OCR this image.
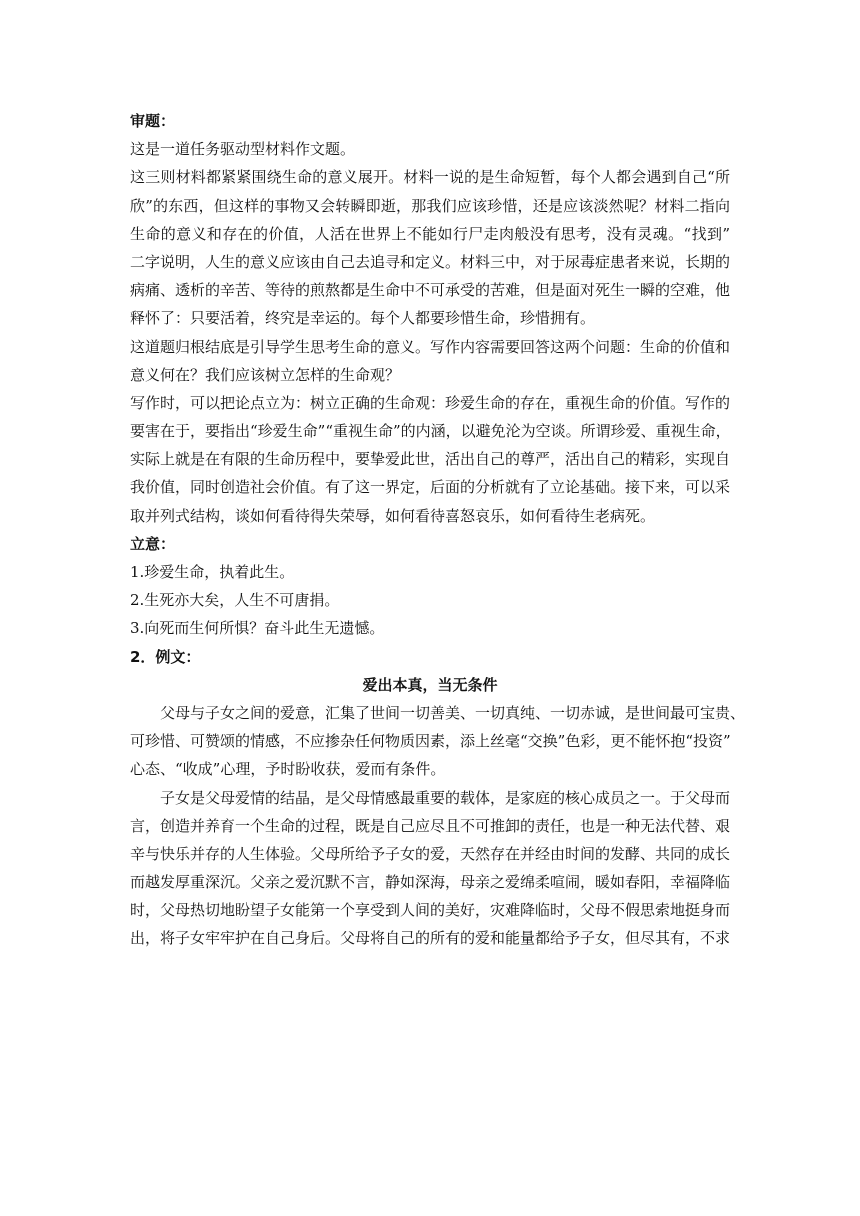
审题：
这是一道任务驱动型材料作文题。
这三则材料都紧紧围绕生命的意义展开。材料一说的是生命短暂，每个人都会遇到自己“所
欣”的东西，但这样的事物又会转瞬即逝，那我们应该珍惜，还是应该淡然呢？材料二指向
生命的意义和存在的价值，人活在世界上不能如行尸走肉般没有思考，没有灵魂。“找到”
二字说明，人生的意义应该由自己去追寻和定义。材料三中，对于尿毒症患者来说，长期的
病痛、透析的辛苦、等待的煎熬都是生命中不可承受的苦难，但是面对死生一瞬的空难，他
释怀了：只要活着，终究是幸运的。每个人都要珍惜生命，珍惜拥有。
这道题归根结底是引导学生思考生命的意义。写作内容需要回答这两个问题：生命的价值和
意义何在？我们应该树立怎样的生命观？
写作时，可以把论点立为：树立正确的生命观：珍爱生命的存在，重视生命的价值。写作的
要害在于，要指出“珍爱生命”“重视生命”的内涵，以避免沦为空谈。所谓珍爱、重视生命，
实际上就是在有限的生命历程中，要挚爱此世，活出自己的尊严，活出自己的精彩，实现自
我价值，同时创造社会价值。有了这一界定，后面的分析就有了立论基础。接下来，可以采
取并列式结构，谈如何看待得失荣辱，如何看待喜怒哀乐，如何看待生老病死。
立意：
1.珍爱生命，执着此生。
2.生死亦大矣，人生不可唐捐。
3.向死而生何所惧？奋斗此生无遗憾。
2．例文：
爱出本真，当无条件
父母与子女之间的爱意，汇集了世间一切善美、一切真纯、一切赤诚，是世间最可宝贵、
可珍惜、可赞颂的情感，不应掺杂任何物质因素，添上丝毫“交换”色彩，更不能怀抱“投资”
心态、“收成”心理，予时盼收获，爱而有条件。
子女是父母爱情的结晶，是父母情感最重要的载体，是家庭的核心成员之一。于父母而
言，创造并养育一个生命的过程，既是自己应尽且不可推卸的责任，也是一种无法代替、艰
辛与快乐并存的人生体验。父母所给予子女的爱，天然存在并经由时间的发酵、共同的成长
而越发厚重深沉。父亲之爱沉默不言，静如深海，母亲之爱绵柔喧闹，暖如春阳，幸福降临
时，父母热切地盼望子女能第一个享受到人间的美好，灾难降临时，父母不假思索地挺身而
出，将子女牢牢护在自己身后。父母将自己的所有的爱和能量都给予子女，但尽其有，不求
